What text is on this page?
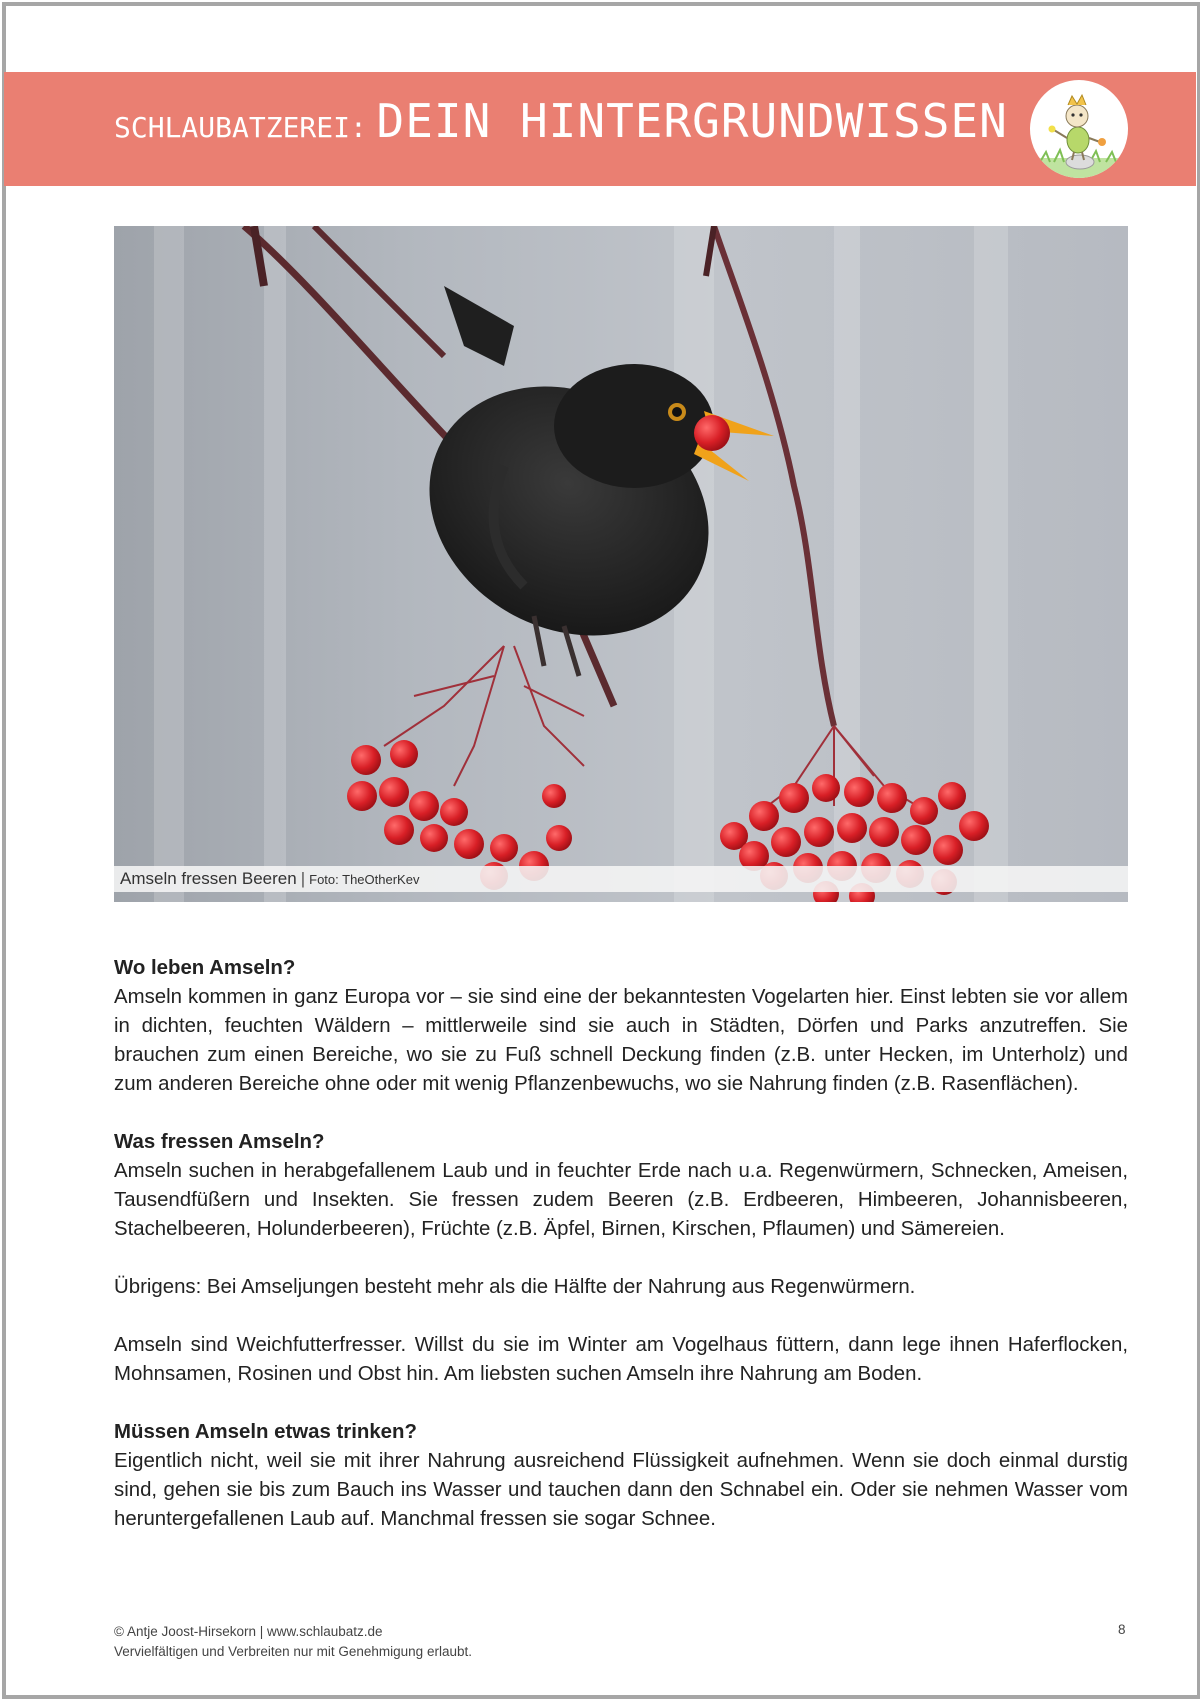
SCHLAUBATZEREI: DEIN HINTERGRUNDWISSEN
Amseln fressen Beeren | Foto: TheOtherKev
Wo leben Amseln?

Amseln kommen in ganz Europa vor – sie sind eine der bekanntesten Vogelarten hier. Einst lebten sie vor allem in dichten, feuchten Wäldern – mittlerweile sind sie auch in Städten, Dörfen und Parks anzutreffen. Sie brauchen zum einen Bereiche, wo sie zu Fuß schnell Deckung finden (z.B. unter Hecken, im Unterholz) und zum anderen Bereiche ohne oder mit wenig Pflanzenbewuchs, wo sie Nahrung finden (z.B. Rasenflächen).

Was fressen Amseln?

Amseln suchen in herabgefallenem Laub und in feuchter Erde nach u.a. Regenwürmern, Schnecken, Ameisen, Tausendfüßern und Insekten. Sie fressen zudem Beeren (z.B. Erdbeeren, Himbeeren, Johannisbeeren, Stachelbeeren, Holunderbeeren), Früchte (z.B. Äpfel, Birnen, Kirschen, Pflaumen) und Sämereien.

Übrigens: Bei Amseljungen besteht mehr als die Hälfte der Nahrung aus Regenwürmern.

Amseln sind Weichfutterfresser. Willst du sie im Winter am Vogelhaus füttern, dann lege ihnen Haferflocken, Mohnsamen, Rosinen und Obst hin. Am liebsten suchen Amseln ihre Nahrung am Boden.

Müssen Amseln etwas trinken?

Eigentlich nicht, weil sie mit ihrer Nahrung ausreichend Flüssigkeit aufnehmen. Wenn sie doch einmal durstig sind, gehen sie bis zum Bauch ins Wasser und tauchen dann den Schnabel ein. Oder sie nehmen Wasser vom heruntergefallenen Laub auf. Manchmal fressen sie sogar Schnee.

© Antje Joost-Hirsekorn | www.schlaubatz.de
Vervielfältigen und Verbreiten nur mit Genehmigung erlaubt.
8
